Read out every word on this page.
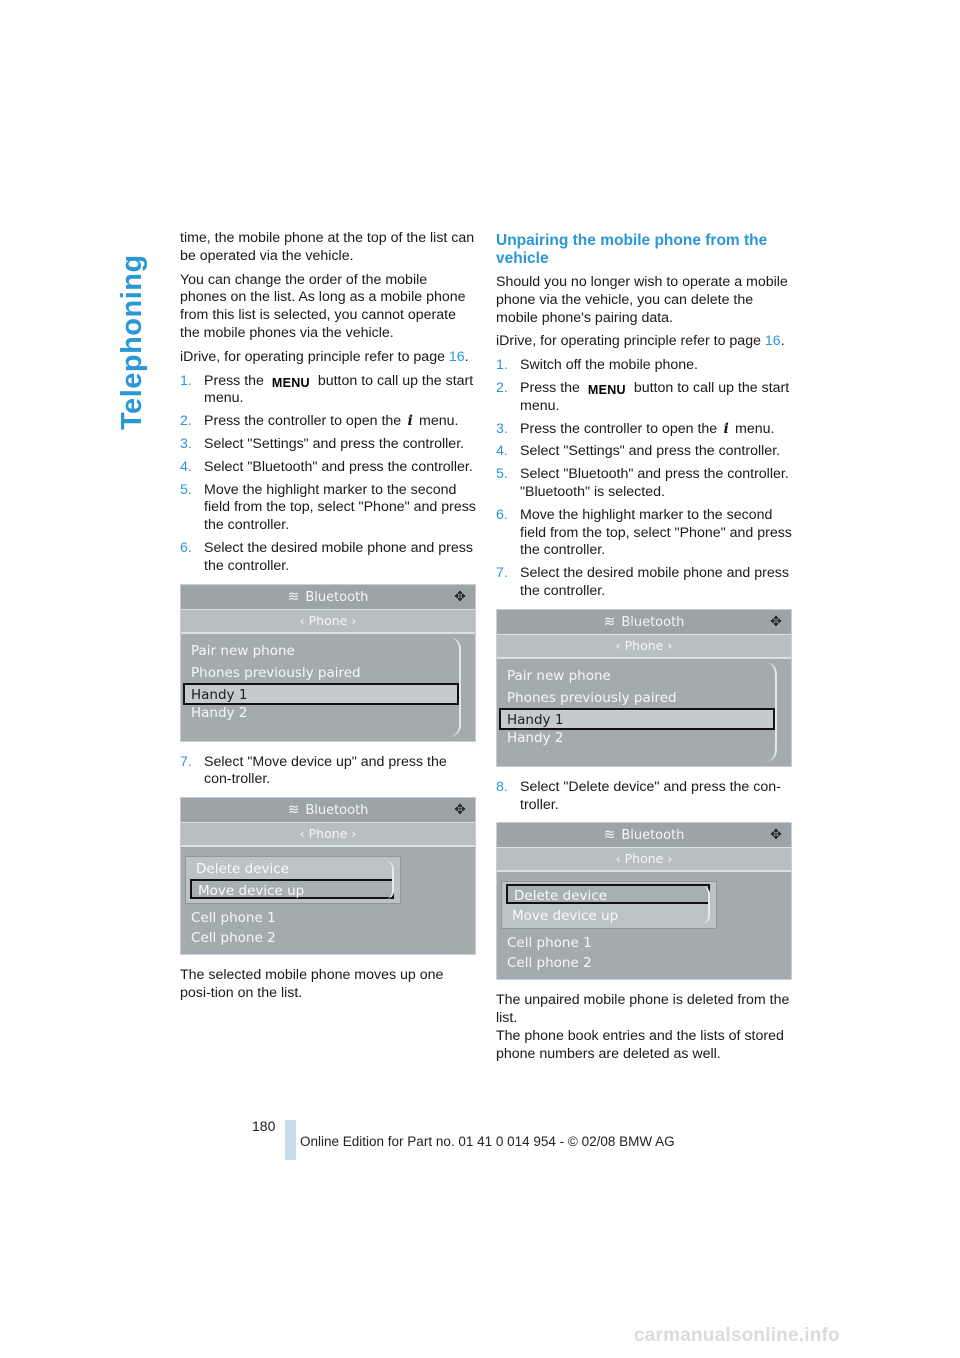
Telephoning

time, the mobile phone at the top of the list can be operated via the vehicle.

You can change the order of the mobile phones on the list. As long as a mobile phone from this list is selected, you cannot operate the mobile phones via the vehicle.

iDrive, for operating principle refer to page 16.

1. Press the MENU button to call up the start menu.
2. Press the controller to open the i menu.
3. Select "Settings" and press the controller.
4. Select "Bluetooth" and press the controller.
5. Move the highlight marker to the second field from the top, select "Phone" and press the controller.
6. Select the desired mobile phone and press the controller.
≋ Bluetooth	✥
‹ Phone ›
Pair new phone
Phones previously paired
Handy 1
Handy 2
7. Select "Move device up" and press the con-troller.
≋ Bluetooth	✥
‹ Phone ›
Cell phone 1
Cell phone 2
Delete device
Move device up

The selected mobile phone moves up one posi-tion on the list.

Unpairing the mobile phone from the vehicle

Should you no longer wish to operate a mobile phone via the vehicle, you can delete the mobile phone's pairing data.

iDrive, for operating principle refer to page 16.

1. Switch off the mobile phone.
2. Press the MENU button to call up the start menu.
3. Press the controller to open the i menu.
4. Select "Settings" and press the controller.
5. Select "Bluetooth" and press the controller. "Bluetooth" is selected.
6. Move the highlight marker to the second field from the top, select "Phone" and press the controller.
7. Select the desired mobile phone and press the controller.
≋ Bluetooth	✥
‹ Phone ›
Pair new phone
Phones previously paired
Handy 1
Handy 2
8. Select "Delete device" and press the con-troller.
≋ Bluetooth	✥
‹ Phone ›
Cell phone 1
Cell phone 2
Delete device
Move device up

The unpaired mobile phone is deleted from the list.

The phone book entries and the lists of stored phone numbers are deleted as well.

180
Online Edition for Part no. 01 41 0 014 954 - © 02/08 BMW AG
carmanualsonline.info
